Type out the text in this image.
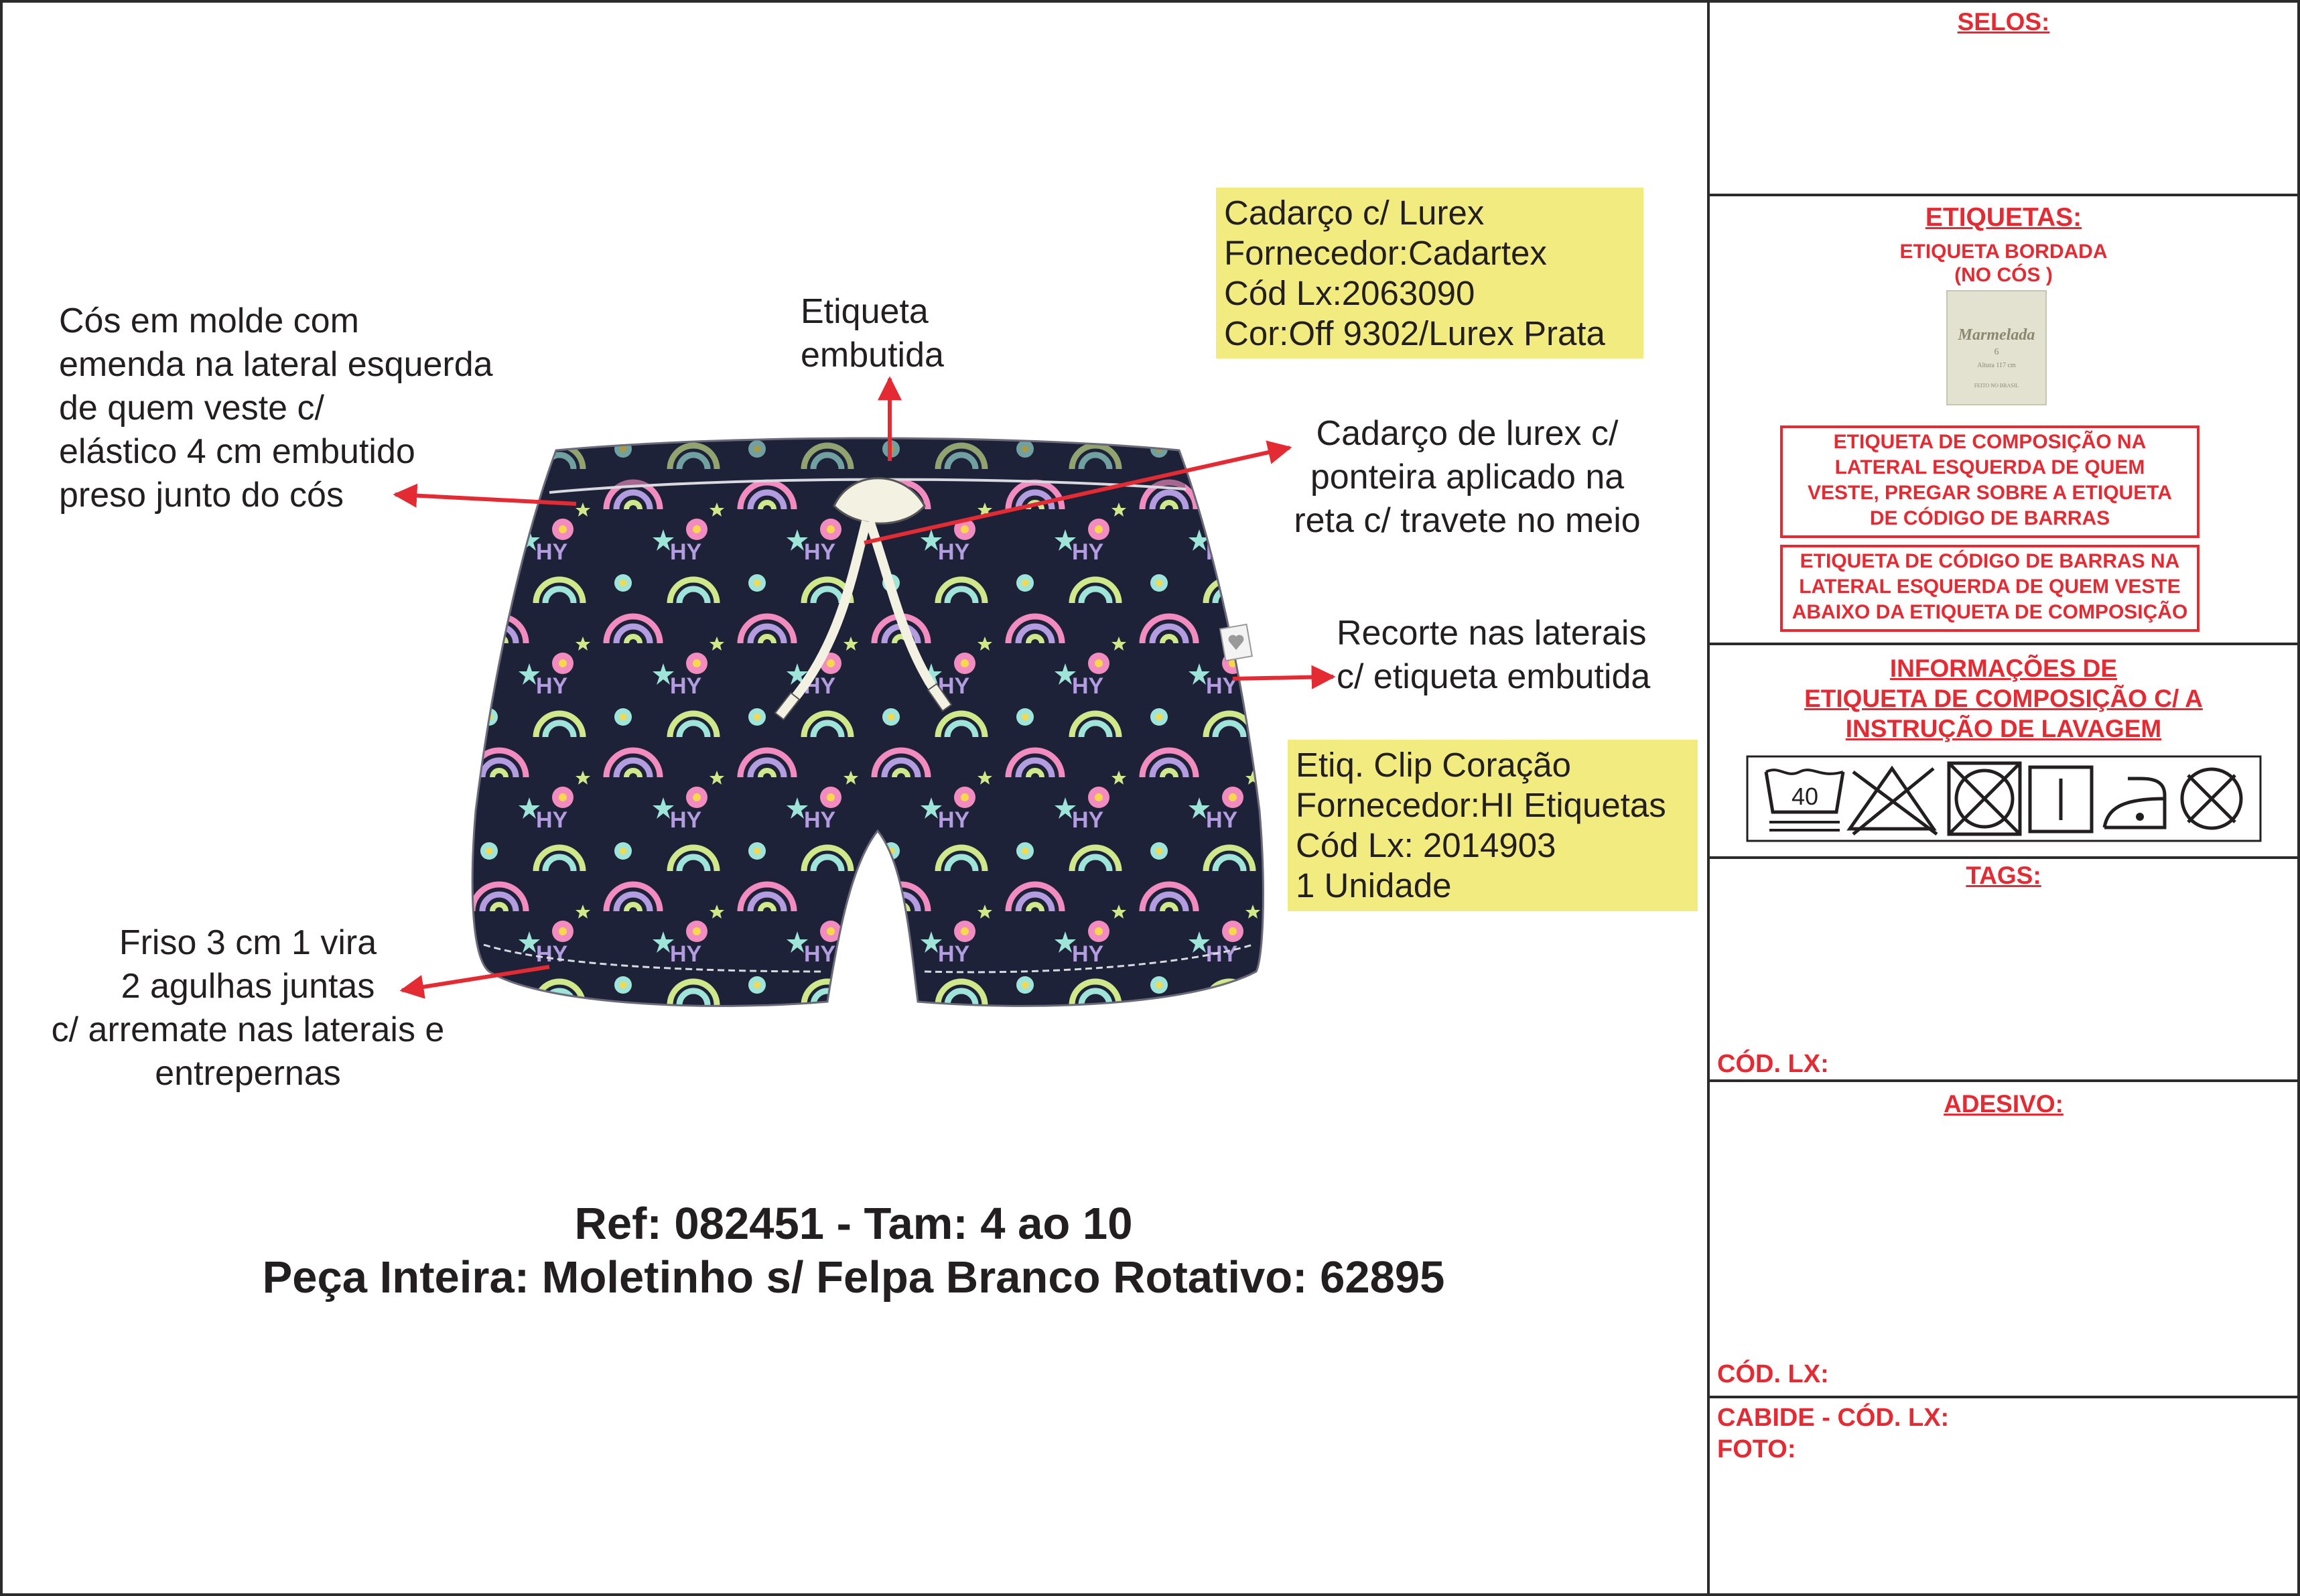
Cós em molde com
emenda na lateral esquerda
de quem veste c/
elástico 4 cm embutido
preso junto do cós
Etiqueta
embutida
Cadarço de lurex c/
ponteira aplicado na
reta c/ travete no meio
Recorte nas laterais
c/ etiqueta embutida
Friso 3 cm 1 vira
2 agulhas juntas
c/ arremate nas laterais e
entrepernas
Cadarço c/ Lurex
Fornecedor:Cadartex
Cód Lx:2063090
Cor:Off 9302/Lurex Prata
Etiq. Clip Coração
Fornecedor:HI Etiquetas
Cód Lx: 2014903
1 Unidade
Ref: 082451 - Tam: 4 ao 10
Peça Inteira: Moletinho s/ Felpa Branco Rotativo: 62895
SELOS:
ETIQUETAS:
ETIQUETA BORDADA
(NO CÓS )
Marmelada
6
Altura 117 cm
FEITO NO BRASIL
ETIQUETA DE COMPOSIÇÃO NA
LATERAL ESQUERDA DE QUEM
VESTE, PREGAR SOBRE A ETIQUETA
DE CÓDIGO DE BARRAS
ETIQUETA DE CÓDIGO DE BARRAS NA
LATERAL ESQUERDA DE QUEM VESTE
ABAIXO DA ETIQUETA DE COMPOSIÇÃO
INFORMAÇÕES DE
ETIQUETA DE COMPOSIÇÃO C/ A
INSTRUÇÃO DE LAVAGEM
40
TAGS:
CÓD. LX:
ADESIVO:
CÓD. LX:
CABIDE - CÓD. LX:
FOTO:
